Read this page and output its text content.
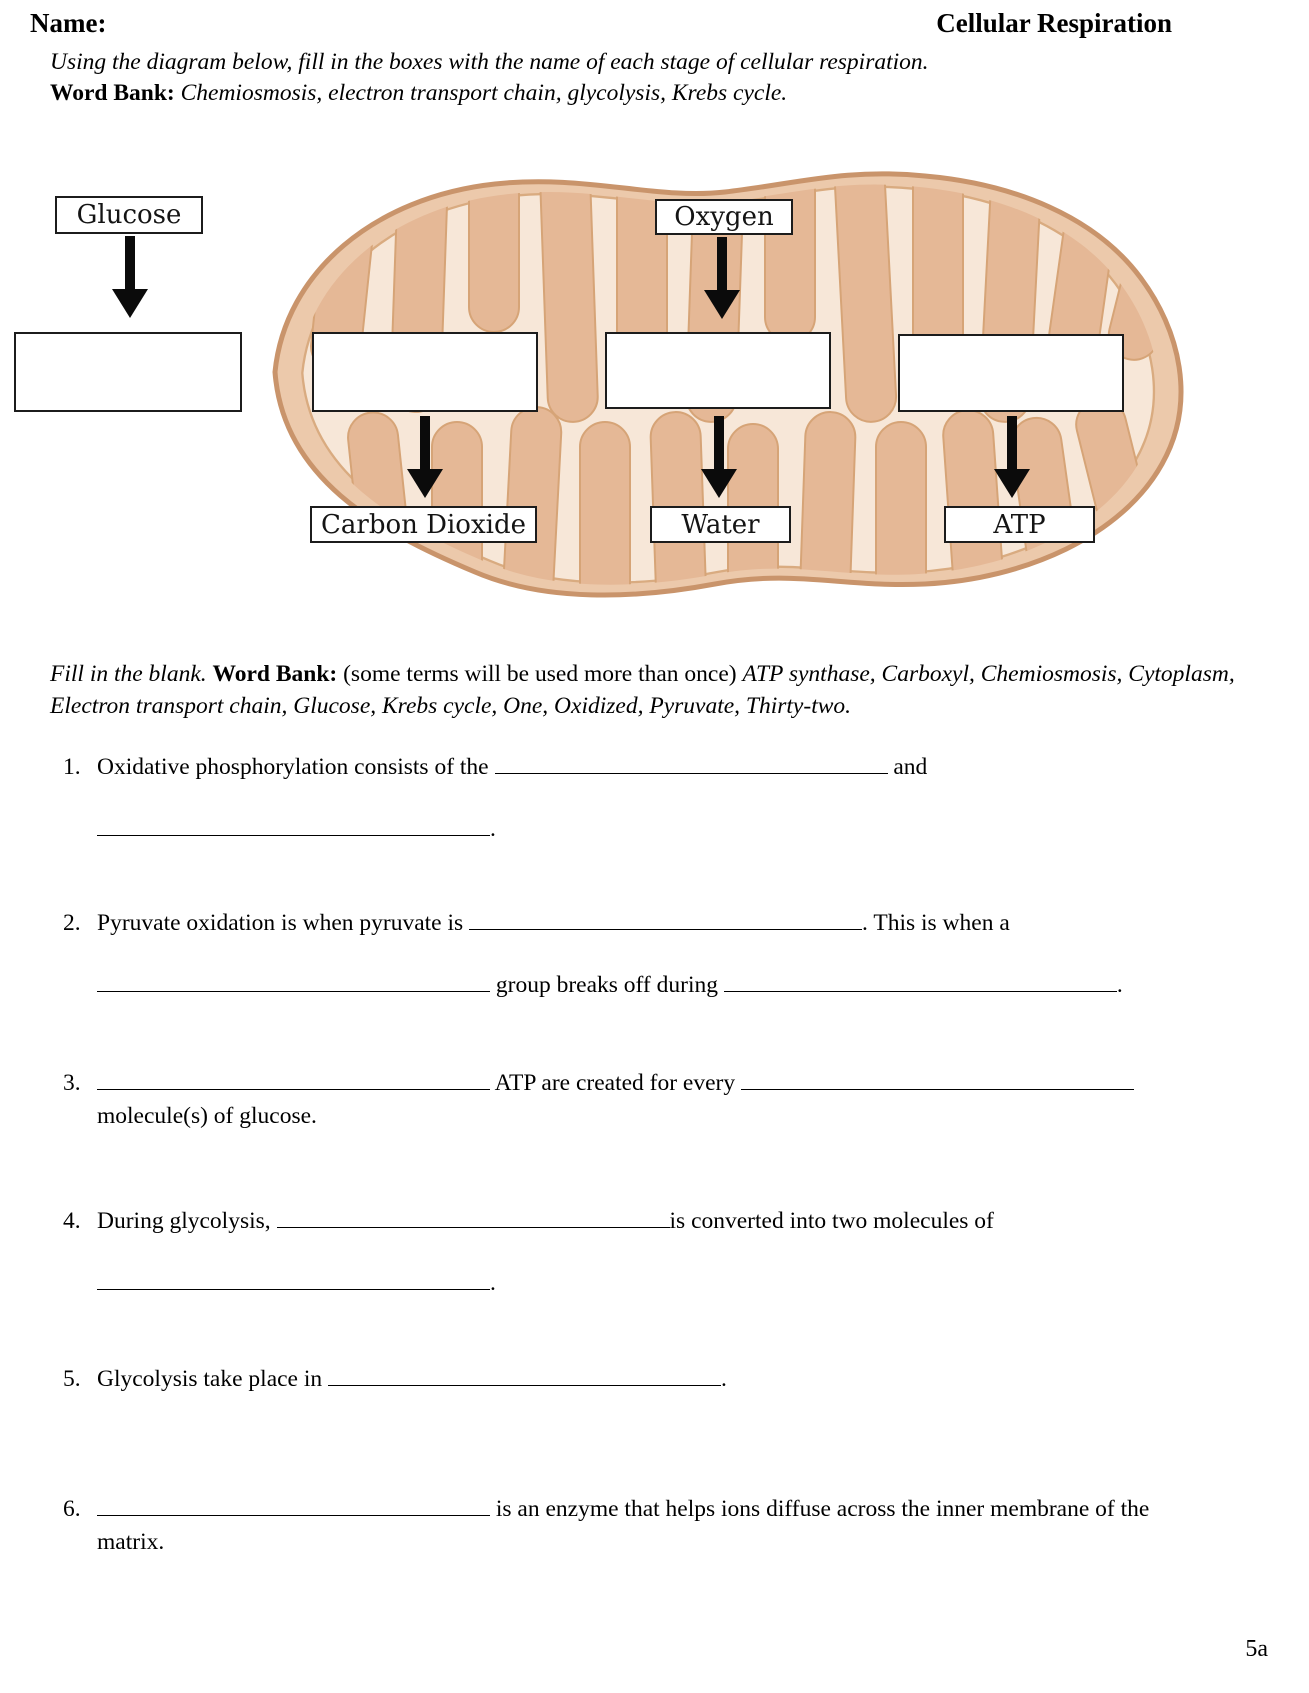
Name:	Cellular Respiration
Using the diagram below, fill in the boxes with the name of each stage of cellular respiration.
Word Bank: Chemiosmosis, electron transport chain, glycolysis, Krebs cycle.
Glucose	Oxygen
Carbon Dioxide	Water	ATP
Fill in the blank. Word Bank: (some terms will be used more than once) ATP synthase, Carboxyl, Chemiosmosis, Cytoplasm, Electron transport chain, Glucose, Krebs cycle, One, Oxidized, Pyruvate, Thirty-two.
1. Oxidative phosphorylation consists of the	and
.
2. Pyruvate oxidation is when pyruvate is	. This is when a
group breaks off during	.
3.	ATP are created for every
molecule(s) of glucose.
4. During glycolysis,	is converted into two molecules of
.
5. Glycolysis take place in	.
6.	is an enzyme that helps ions diffuse across the inner membrane of the
matrix.
5a
